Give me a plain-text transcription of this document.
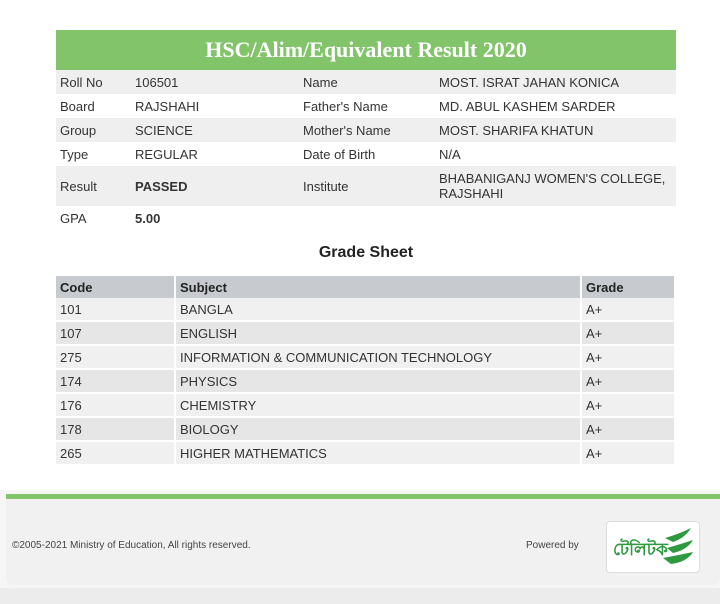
HSC/Alim/Equivalent Result 2020
Roll No	106501	Name	MOST. ISRAT JAHAN KONICA
Board	RAJSHAHI	Father's Name	MD. ABUL KASHEM SARDER
Group	SCIENCE	Mother's Name	MOST. SHARIFA KHATUN
Type	REGULAR	Date of Birth	N/A
Result	PASSED	Institute	BHABANIGANJ WOMEN'S COLLEGE,
RAJSHAHI

GPA	5.00		
Grade Sheet
Code	Subject	Grade
101	BANGLA	A+
107	ENGLISH	A+
275	INFORMATION & COMMUNICATION TECHNOLOGY	A+
174	PHYSICS	A+
176	CHEMISTRY	A+
178	BIOLOGY	A+
265	HIGHER MATHEMATICS	A+
©2005-2021 Ministry of Education, All rights reserved.	Powered by টেলিটক
